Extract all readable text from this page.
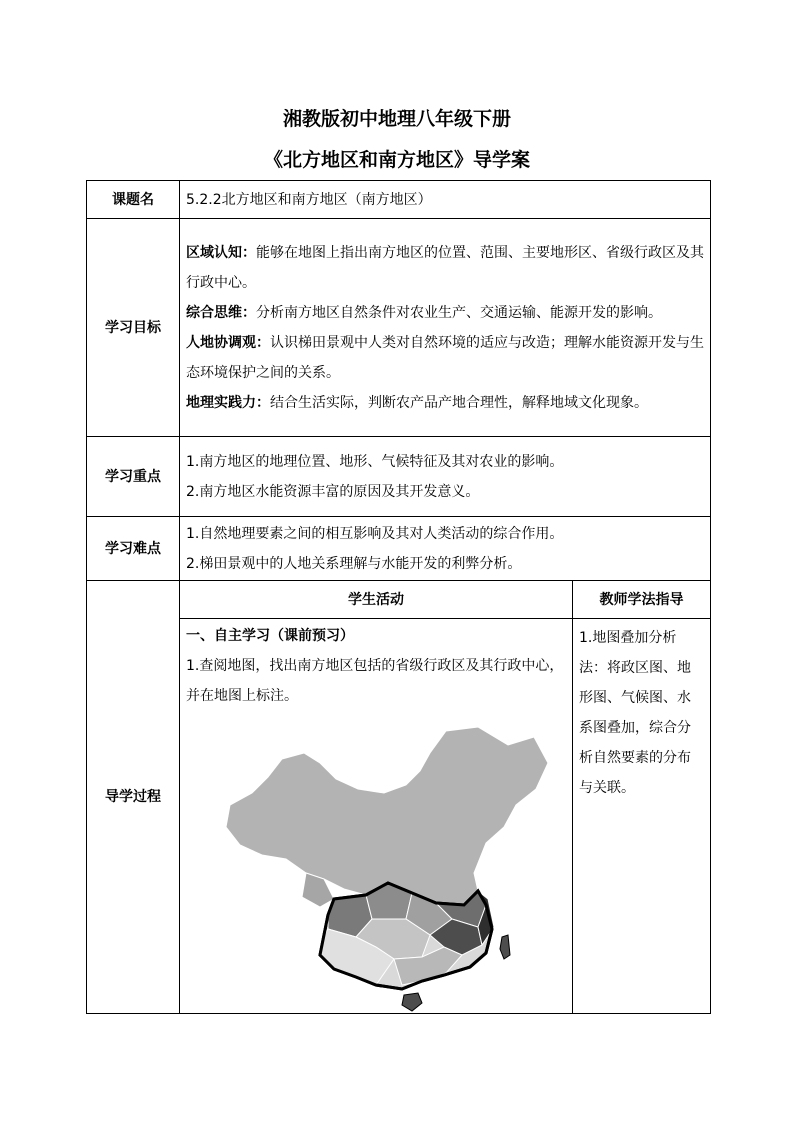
湘教版初中地理八年级下册
《北方地区和南方地区》导学案
课题名	5.2.2北方地区和南方地区（南方地区）	
学习目标	区域认知：能够在地图上指出南方地区的位置、范围、主要地形区、省级行政区及其行政中心。

综合思维：分析南方地区自然条件对农业生产、交通运输、能源开发的影响。

人地协调观：认识梯田景观中人类对自然环境的适应与改造；理解水能资源开发与生态环境保护之间的关系。

地理实践力：结合生活实际，判断农产品产地合理性，解释地域文化现象。	

学习重点	1.南方地区的地理位置、地形、气候特征及其对农业的影响。

2.南方地区水能资源丰富的原因及其开发意义。	

学习难点	1.自然地理要素之间的相互影响及其对人类活动的综合作用。

2.梯田景观中的人地关系理解与水能开发的利弊分析。	

导学过程	学生活动	教师学法指导

	一、自主学习（课前预习）

1.查阅地图，找出南方地区包括的省级行政区及其行政中心，并在地图上标注。	1.地图叠加分析法：将政区图、地形图、气候图、水系图叠加，综合分析自然要素的分布与关联。
